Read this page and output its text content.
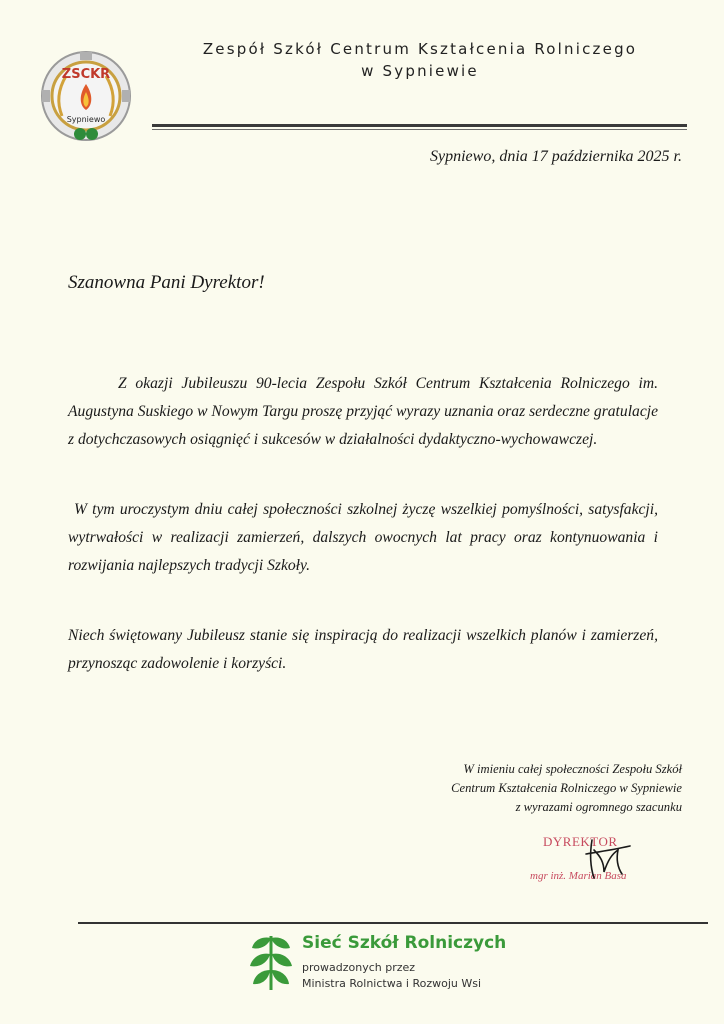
ZSCKR
Sypniewo
Zespół Szkół Centrum Kształcenia Rolniczego
w Sypniewie
Sypniewo, dnia 17 października 2025 r.
Szanowna Pani Dyrektor!
Z okazji Jubileuszu 90-lecia Zespołu Szkół Centrum Kształcenia Rolniczego im. Augustyna Suskiego w Nowym Targu proszę przyjąć wyrazy uznania oraz serdeczne gratulacje z dotychczasowych osiągnięć i sukcesów w działalności dydaktyczno-wychowawczej.
W tym uroczystym dniu całej społeczności szkolnej życzę wszelkiej pomyślności, satysfakcji, wytrwałości w realizacji zamierzeń, dalszych owocnych lat pracy oraz kontynuowania i rozwijania najlepszych tradycji Szkoły.
Niech świętowany Jubileusz stanie się inspiracją do realizacji wszelkich planów i zamierzeń, przynosząc zadowolenie i korzyści.
W imieniu całej społeczności Zespołu Szkół
Centrum Kształcenia Rolniczego w Sypniewie
z wyrazami ogromnego szacunku
DYREKTOR
mgr inż. Marian Basa
Sieć Szkół Rolniczych
prowadzonych przez
Ministra Rolnictwa i Rozwoju Wsi
